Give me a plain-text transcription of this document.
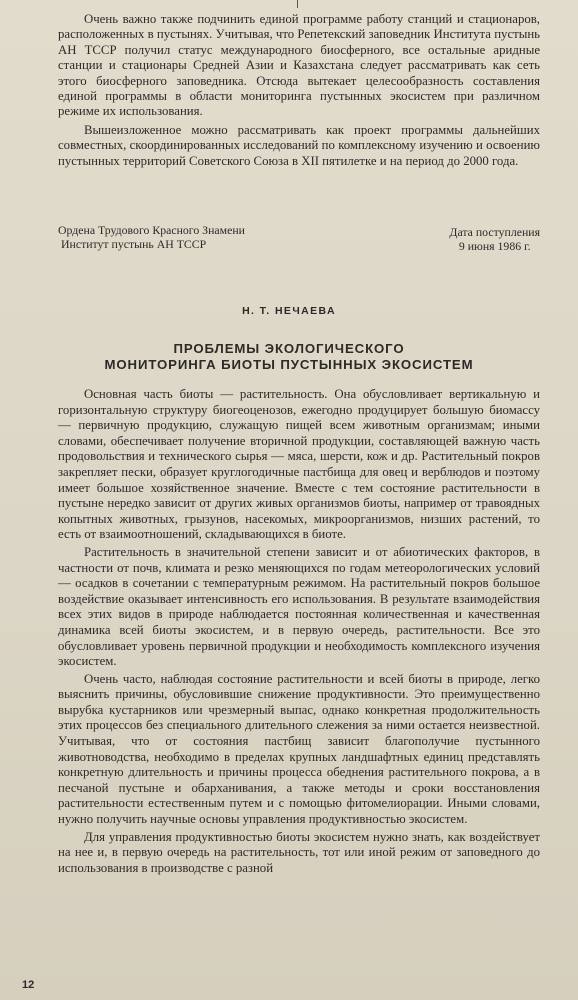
Очень важно также подчинить единой программе работу станций и стационаров, расположенных в пустынях. Учитывая, что Репетекский заповедник Института пустынь АН ТССР получил статус международного биосферного, все остальные аридные станции и стационары Средней Азии и Казахстана следует рассматривать как сеть этого биосферного заповедника. Отсюда вытекает целесообразность составления единой программы в области мониторинга пустынных экосистем при различном режиме их использования.

Вышеизложенное можно рассматривать как проект программы дальнейших совместных, скоординированных исследований по комплексному изучению и освоению пустынных территорий Советского Союза в XII пятилетке и на период до 2000 года.

Ордена Трудового Красного Знамени
Институт пустынь АН ТССР
Дата поступления
9 июня 1986 г.
Н. Т. НЕЧАЕВА
ПРОБЛЕМЫ ЭКОЛОГИЧЕСКОГО
МОНИТОРИНГА БИОТЫ ПУСТЫННЫХ ЭКОСИСТЕМ

Основная часть биоты — растительность. Она обусловливает вертикальную и горизонтальную структуру биогеоценозов, ежегодно продуцирует большую биомассу — первичную продукцию, служащую пищей всем животным организмам; иными словами, обеспечивает получение вторичной продукции, составляющей важную часть продовольствия и технического сырья — мяса, шерсти, кож и др. Растительный покров закрепляет пески, образует круглогодичные пастбища для овец и верблюдов и поэтому имеет большое хозяйственное значение. Вместе с тем состояние растительности в пустыне нередко зависит от других живых организмов биоты, например от травоядных копытных животных, грызунов, насекомых, микроорганизмов, низших растений, то есть от взаимоотношений, складывающихся в биоте.

Растительность в значительной степени зависит и от абиотических факторов, в частности от почв, климата и резко меняющихся по годам метеорологических условий — осадков в сочетании с температурным режимом. На растительный покров большое воздействие оказывает интенсивность его использования. В результате взаимодействия всех этих видов в природе наблюдается постоянная количественная и качественная динамика всей биоты экосистем, и в первую очередь, растительности. Все это обусловливает уровень первичной продукции и необходимость комплексного изучения экосистем.

Очень часто, наблюдая состояние растительности и всей биоты в природе, легко выяснить причины, обусловившие снижение продуктивности. Это преимущественно вырубка кустарников или чрезмерный выпас, однако конкретная продолжительность этих процессов без специального длительного слежения за ними остается неизвестной. Учитывая, что от состояния пастбищ зависит благополучие пустынного животноводства, необходимо в пределах крупных ландшафтных единиц представлять конкретную длительность и причины процесса обеднения растительного покрова, а в песчаной пустыне и обарханивания, а также методы и сроки восстановления растительности естественным путем и с помощью фитомелиорации. Иными словами, нужно получить научные основы управления продуктивностью экосистем.

Для управления продуктивностью биоты экосистем нужно знать, как воздействует на нее и, в первую очередь на растительность, тот или иной режим от заповедного до использования в производстве с разной

12
